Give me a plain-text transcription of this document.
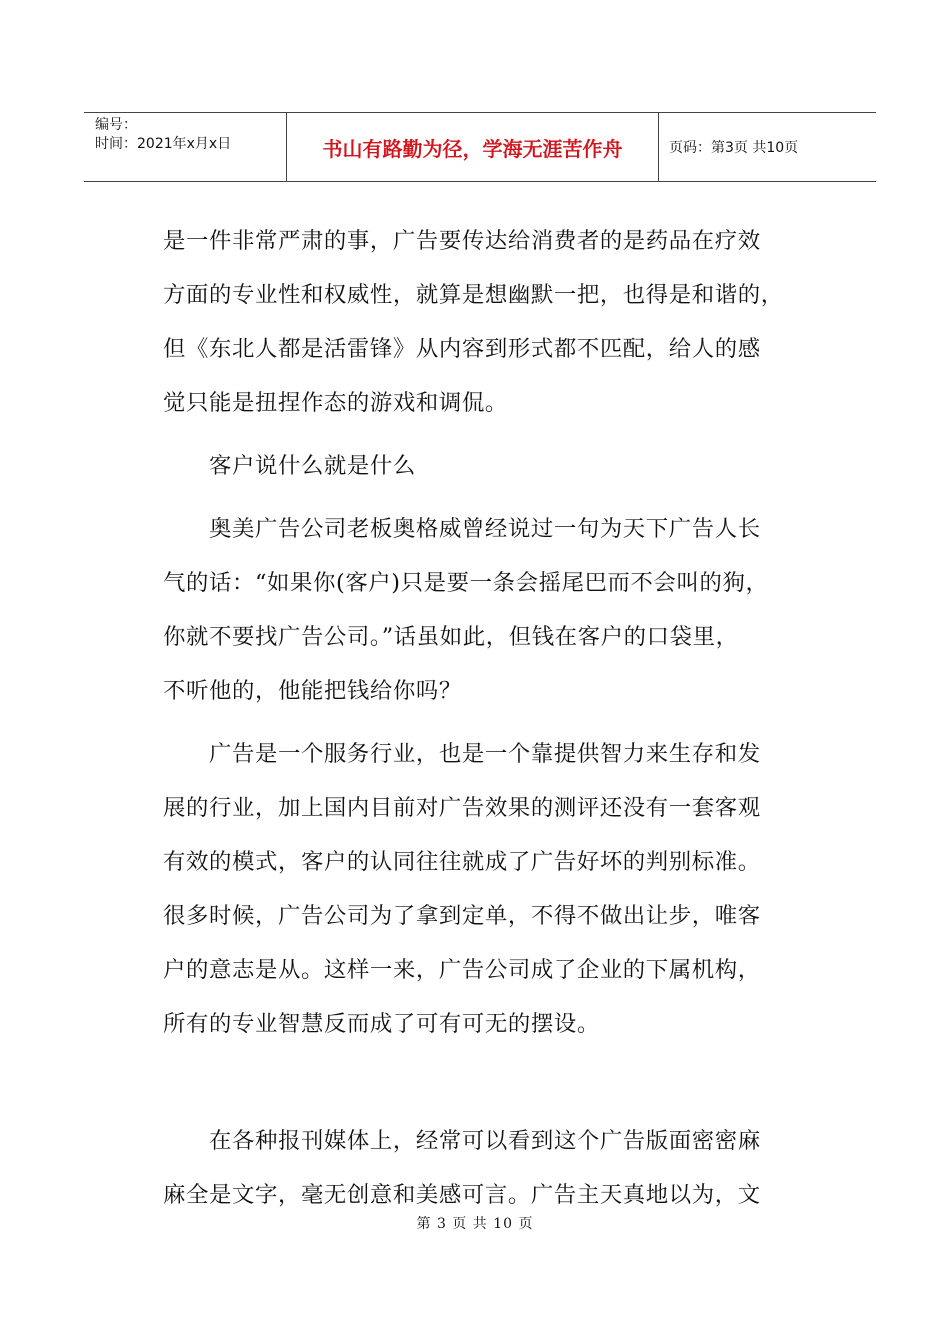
编号：
时间：2021年x月x日	书山有路勤为径，学海无涯苦作舟	页码：第3页 共10页
是一件非常严肃的事，广告要传达给消费者的是药品在疗效
方面的专业性和权威性，就算是想幽默一把，也得是和谐的，
但《东北人都是活雷锋》从内容到形式都不匹配，给人的感
觉只能是扭捏作态的游戏和调侃。
　　客户说什么就是什么
　　奥美广告公司老板奥格威曾经说过一句为天下广告人长
气的话：“如果你(客户)只是要一条会摇尾巴而不会叫的狗，
你就不要找广告公司。”话虽如此，但钱在客户的口袋里，
不听他的，他能把钱给你吗？
　　广告是一个服务行业，也是一个靠提供智力来生存和发
展的行业，加上国内目前对广告效果的测评还没有一套客观
有效的模式，客户的认同往往就成了广告好坏的判别标准。
很多时候，广告公司为了拿到定单，不得不做出让步，唯客
户的意志是从。这样一来，广告公司成了企业的下属机构，
所有的专业智慧反而成了可有可无的摆设。
　　在各种报刊媒体上，经常可以看到这个广告版面密密麻
麻全是文字，毫无创意和美感可言。广告主天真地以为，文
第 3 页 共 10 页
